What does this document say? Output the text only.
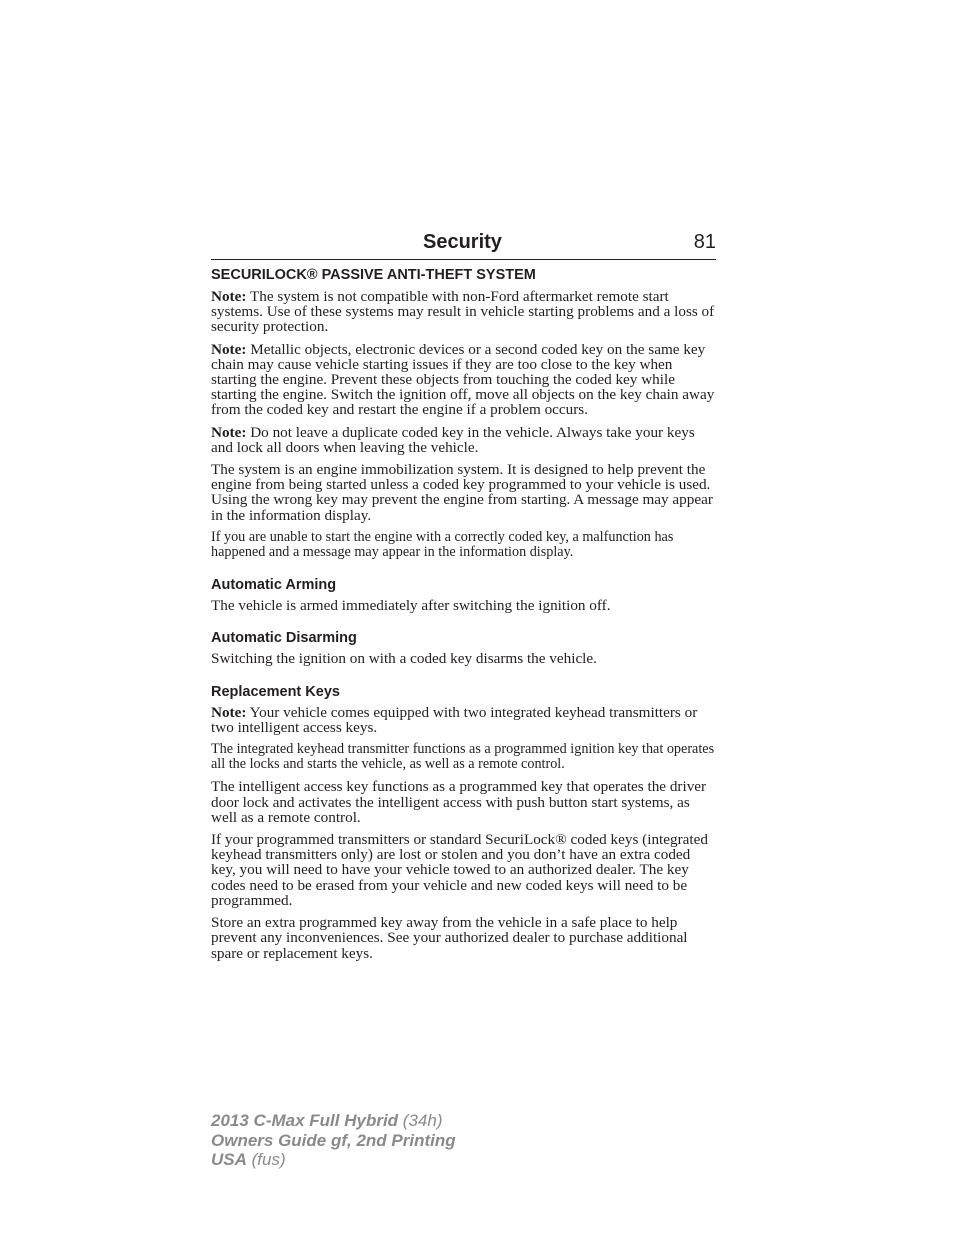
Security	81
SECURILOCK® PASSIVE ANTI-THEFT SYSTEM

Note: The system is not compatible with non-Ford aftermarket remote start systems. Use of these systems may result in vehicle starting problems and a loss of security protection.

Note: Metallic objects, electronic devices or a second coded key on the same key chain may cause vehicle starting issues if they are too close to the key when starting the engine. Prevent these objects from touching the coded key while starting the engine. Switch the ignition off, move all objects on the key chain away from the coded key and restart the engine if a problem occurs.

Note: Do not leave a duplicate coded key in the vehicle. Always take your keys and lock all doors when leaving the vehicle.

The system is an engine immobilization system. It is designed to help prevent the engine from being started unless a coded key programmed to your vehicle is used. Using the wrong key may prevent the engine from starting. A message may appear in the information display.

If you are unable to start the engine with a correctly coded key, a malfunction has happened and a message may appear in the information display.

Automatic Arming

The vehicle is armed immediately after switching the ignition off.

Automatic Disarming

Switching the ignition on with a coded key disarms the vehicle.

Replacement Keys

Note: Your vehicle comes equipped with two integrated keyhead transmitters or two intelligent access keys.

The integrated keyhead transmitter functions as a programmed ignition key that operates all the locks and starts the vehicle, as well as a remote control.

The intelligent access key functions as a programmed key that operates the driver door lock and activates the intelligent access with push button start systems, as well as a remote control.

If your programmed transmitters or standard SecuriLock® coded keys (integrated keyhead transmitters only) are lost or stolen and you don’t have an extra coded key, you will need to have your vehicle towed to an authorized dealer. The key codes need to be erased from your vehicle and new coded keys will need to be programmed.

Store an extra programmed key away from the vehicle in a safe place to help prevent any inconveniences. See your authorized dealer to purchase additional spare or replacement keys.

2013 C-Max Full Hybrid (34h)
Owners Guide gf, 2nd Printing
USA (fus)
